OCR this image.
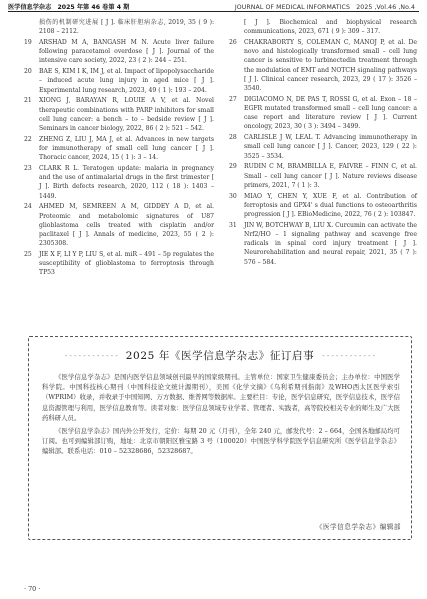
医学信息学杂志　2025 年第 46 卷第 4 期	JOURNAL OF MEDICAL INFORMATICS　2025 ,Vol.46 ,No.4
损伤的机制研究进展 [ J ]. 临床肝胆病杂志, 2019, 35 ( 9 ): 2108 – 2112.
19	ARSHAD M A, BANGASH M N. Acute liver failure following paracetamol overdose [ J ]. Journal of the intensive care society, 2022, 23 ( 2 ): 244 – 251.
20	BAE S, KIM I K, IM J, et al. Impact of lipopolysaccharide – induced acute lung injury in aged mice [ J ]. Experimental lung research, 2023, 49 ( 1 ): 193 – 204.
21	XIONG J, BARAYAN R, LOUIE A V, et al. Novel therapeutic combinations with PARP inhibitors for small cell lung cancer: a bench – to – bedside review [ J ]. Seminars in cancer biology, 2022, 86 ( 2 ): 521 – 542.
22	ZHENG Z, LIU J, MA J, et al. Advances in new targets for immunotherapy of small cell lung cancer [ J ]. Thoracic cancer, 2024, 15 ( 1 ): 3 – 14.
23	CLARK R L. Teratogen update: malaria in pregnancy and the use of antimalarial drugs in the first trimester [ J ]. Birth defects research, 2020, 112 ( 18 ): 1403 – 1449.
24	AHMED M, SEMREEN A M, GIDDEY A D, et al. Proteomic and metabolomic signatures of U87 glioblastoma cells treated with cisplatin and/or paclitaxel [ J ]. Annals of medicine, 2023, 55 ( 2 ): 2305308.
25	JIE X F, LI Y P, LIU S, et al. miR – 491 – 5p regulates the susceptibility of glioblastoma to ferroptosis through TP53
[ J ]. Biochemical and biophysical research communications, 2023, 671 ( 9 ): 309 – 317.
26	CHAKRABORTY S, COLEMAN C, MANOJ P, et al. De novo and histologically transformed small – cell lung cancer is sensitive to lurbinectedin treatment through the modulation of EMT and NOTCH signaling pathways [ J ]. Clinical cancer research, 2023, 29 ( 17 ): 3526 – 3540.
27	DIGIACOMO N, DE PAS T, ROSSI G, et al. Exon – 18 – EGFR mutated transformed small – cell lung cancer: a case report and literature review [ J ]. Current oncology, 2023, 30 ( 3 ): 3494 – 3499.
28	CARLISLE J W, LEAL T. Advancing immunotherapy in small cell lung cancer [ J ]. Cancer, 2023, 129 ( 22 ): 3525 – 3534.
29	RUDIN C M, BRAMBILLA E, FAIVRE – FINN C, et al. Small – cell lung cancer [ J ]. Nature reviews disease primers, 2021, 7 ( 1 ): 3.
30	MIAO Y, CHEN Y, XUE F, et al. Contribution of ferroptosis and GPX4' s dual functions to osteoarthritis progression [ J ]. EBioMedicine, 2022, 76 ( 2 ): 103847.
31	JIN W, BOTCHWAY B, LIU X. Curcumin can activate the Nrf2/HO – 1 signaling pathway and scavenge free radicals in spinal cord injury treatment [ J ]. Neurorehabilitation and neural repair, 2021, 35 ( 7 ): 576 – 584.
- - - - - - - - - - - - 2025 年《医学信息学杂志》征订启事 - - - - - - - - - - - -

《医学信息学杂志》是国内医学信息领域创刊最早的国家级期刊。主管单位：国家卫生健康委员会；主办单位：中国医学科学院。中国科技核心期刊（中国科技论文统计源期刊），美国《化学文摘》《乌利希期刊指南》及WHO西太区医学索引（WPRIM）收录，并收录于中国知网、万方数据、维普网等数据库。主要栏目：专论，医学信息研究，医学信息技术，医学信息资源管理与利用，医学信息教育等。读者对象：医学信息领域专业学者、管理者、实践者，高等院校相关专业的师生及广大医药科研人员。

《医学信息学杂志》国内外公开发行，定价：每期 20 元（月刊），全年 240 元，邮发代号：2 – 664，全国各地邮局均可订阅。也可到编辑部订购，地址：北京市朝阳区雅宝路 3 号（100020）中国医学科学院医学信息研究所《医学信息学杂志》编辑部。联系电话：010 – 52328686，52328687。

《医学信息学杂志》编辑部
· 70 ·
